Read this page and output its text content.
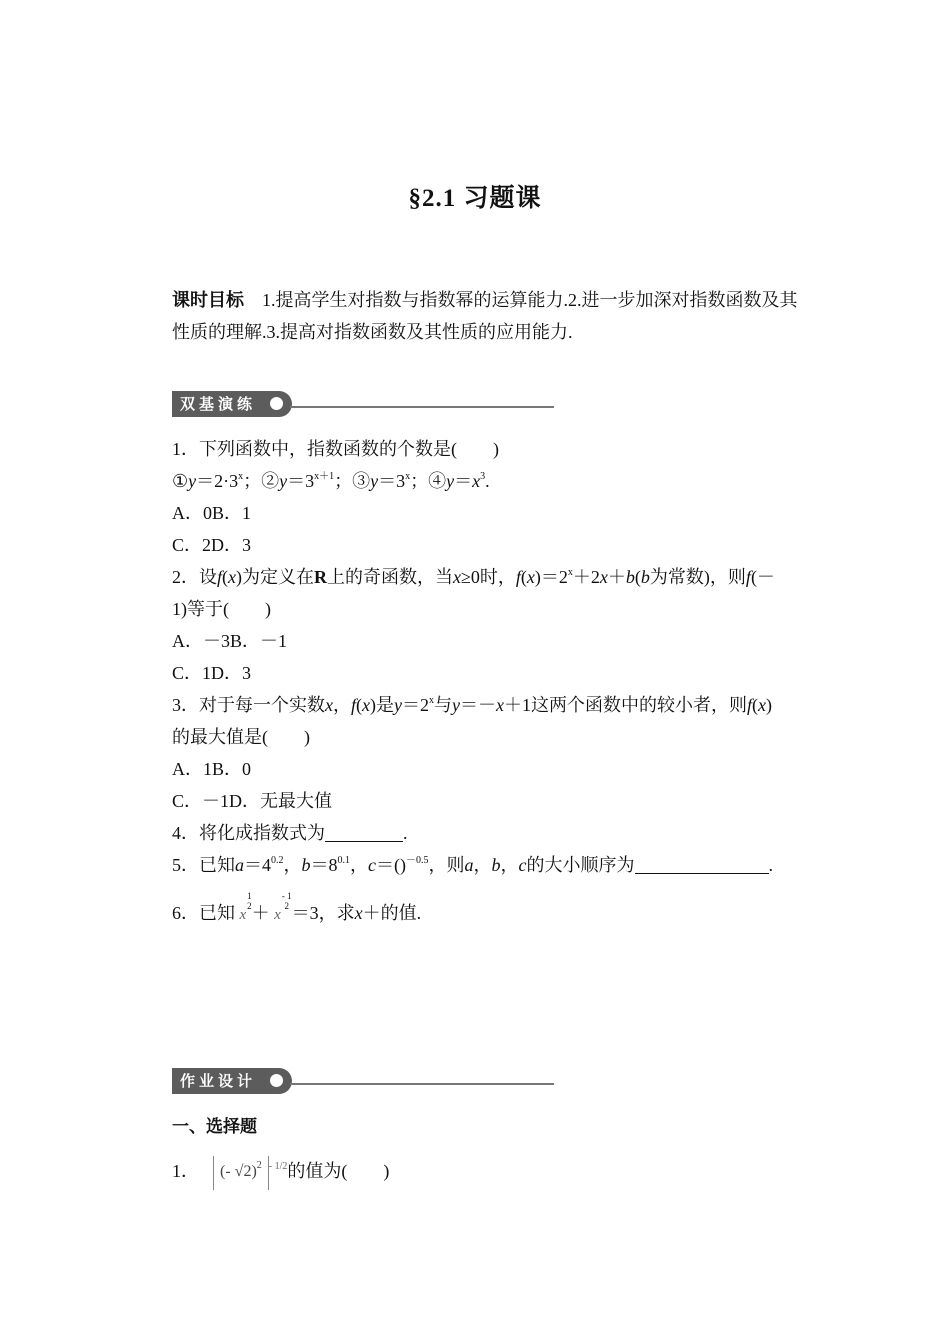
§2.1 习题课
课时目标 1.提高学生对指数与指数幂的运算能力.2.进一步加深对指数函数及其性质的理解.3.提高对指数函数及其性质的应用能力.
双基演练
1．下列函数中，指数函数的个数是(　　)
$①y=2\cdot 3^x$；$②y=3^{x+1}$；$③y=3^x$；$④y=x^3$.
A．0B．1
C．2D．3
2．设f(x)为定义在R上的奇函数，当x≥0时，$f(x)=2^x+2x+b(b$为常数)，则f(－
1)等于(　　)
A．－3B．－1
C．1D．3
3．对于每一个实数x，f(x)是$y=2^x$与y＝－x＋1这两个函数中的较小者，则f(x)
的最大值是(　　)
A．1B．0
C．－1D．无最大值
4．将化成指数式为	.
5．已知$a=4^{0.2}$，$b=8^{0.1}$，c＝()$^{-0.5}$，则a，b，c的大小顺序为	.
6．已知 x1
2＋ x- 1
2 ＝3，求x＋的值.
作业设计
一、选择题
1． (- √2)$^2$ $^{- 1/2}$的值为(　　)
